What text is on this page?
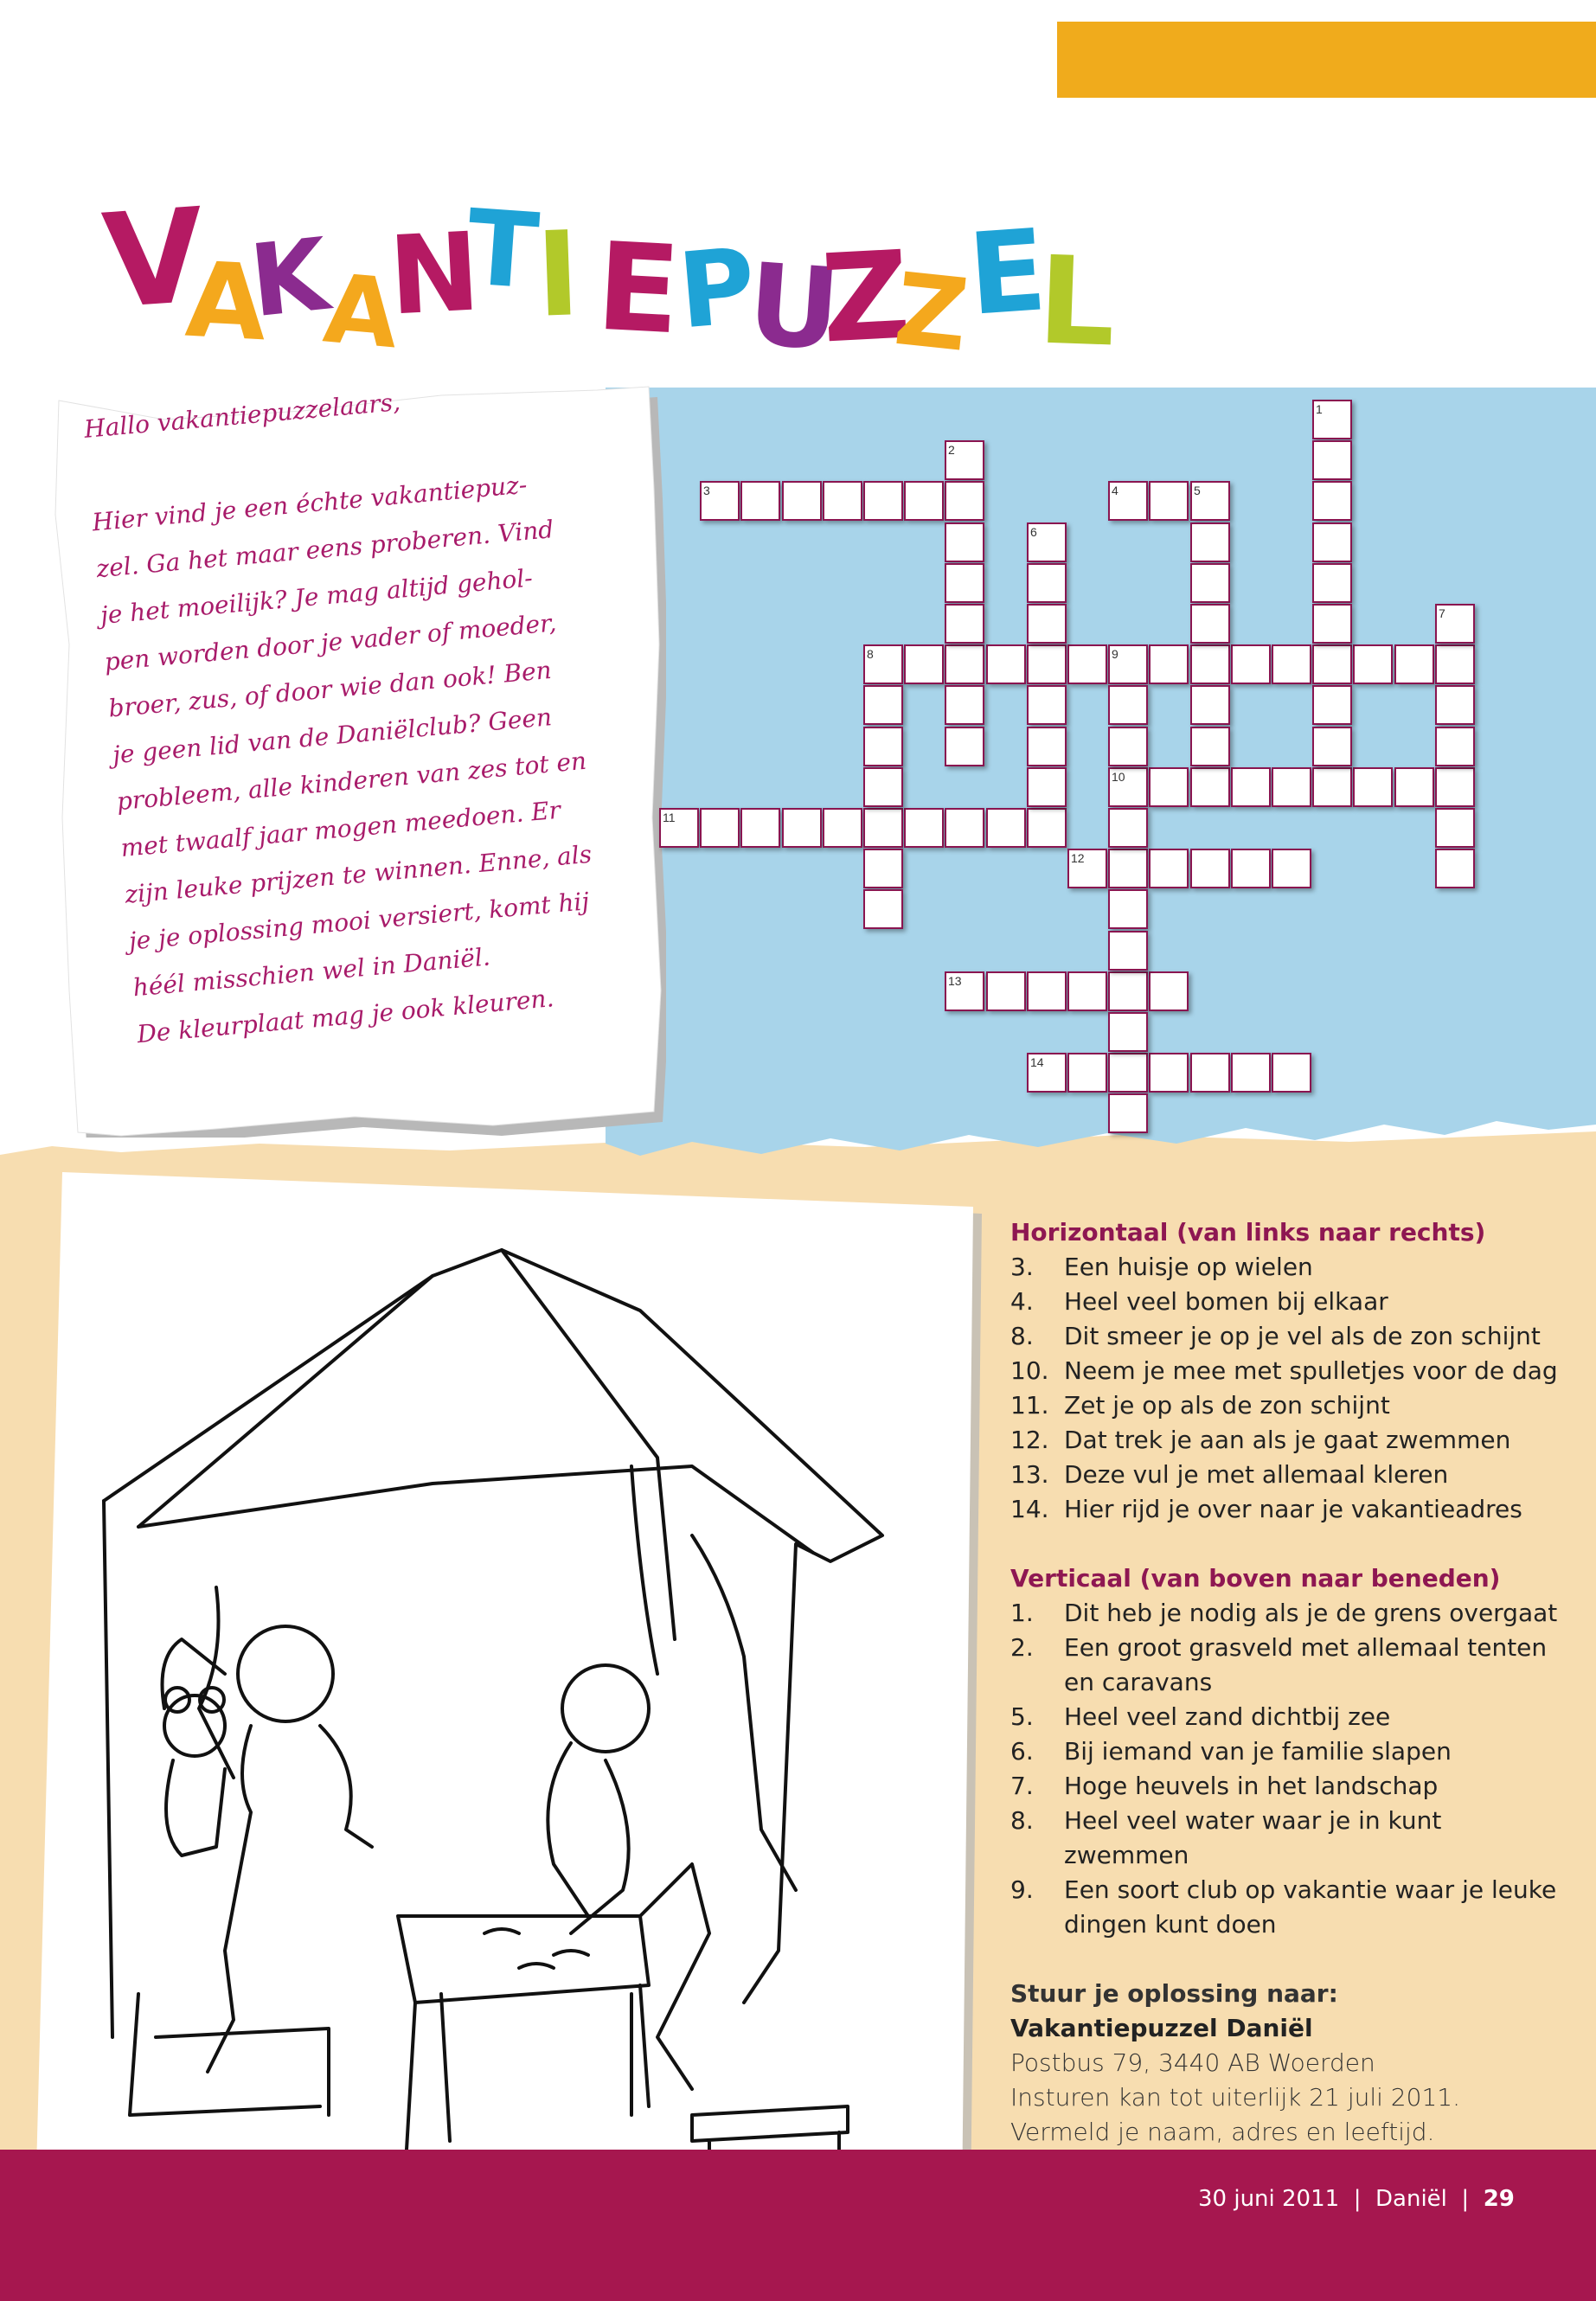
V
A
K
A
N
T
I E
P
U
Z
Z
E
L

Hallo vakantiepuzzelaars,

Hier vind je een échte vakantiepuz-
zel. Ga het maar eens proberen. Vind
je het moeilijk? Je mag altijd gehol-
pen worden door je vader of moeder,
broer, zus, of door wie dan ook! Ben
je geen lid van de Daniëlclub? Geen
probleem, alle kinderen van zes tot en
met twaalf jaar mogen meedoen. Er
zijn leuke prijzen te winnen. Enne, als
je je oplossing mooi versiert, komt hij
héél misschien wel in Daniël.
De kleurplaat mag je ook kleuren.

3	4	5
8	9
10
11
12
13
14
1
2
6
7

Horizontaal (van links naar rechts)

3.	Een huisje op wielen
4.	Heel veel bomen bij elkaar
8.	Dit smeer je op je vel als de zon schijnt
10. Neem je mee met spulletjes voor de dag
11. Zet je op als de zon schijnt
12. Dat trek je aan als je gaat zwemmen
13. Deze vul je met allemaal kleren
14. Hier rijd je over naar je vakantieadres

Verticaal (van boven naar beneden)

1.	Dit heb je nodig als je de grens overgaat
2.	Een groot grasveld met allemaal tenten en caravans
5.	Heel veel zand dichtbij zee
6.	Bij iemand van je familie slapen
7.	Hoge heuvels in het landschap
8.	Heel veel water waar je in kunt zwemmen
9.	Een soort club op vakantie waar je leuke dingen kunt doen
Stuur je oplossing naar:
Vakantiepuzzel Daniël
Postbus 79, 3440 AB Woerden
Insturen kan tot uiterlijk 21 juli 2011.
Vermeld je naam, adres en leeftijd.
30 juni 2011 | Daniël | 29
